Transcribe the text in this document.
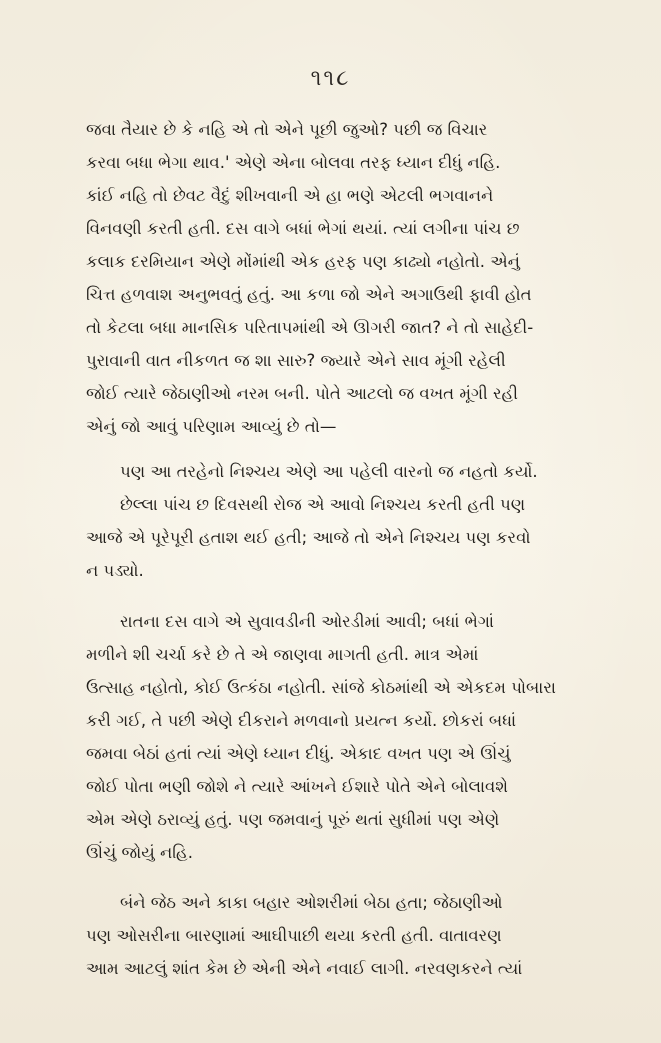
૧૧૮
જવા તૈયાર છે કે નહિ એ તો એને પૂછી જુઓ? પછી જ વિચાર
કરવા બધા ભેગા થાવ.' એણે એના બોલવા તરફ ધ્યાન દીધું નહિ.
કાંઈ નહિ તો છેવટ વૈદું શીખવાની એ હા ભણે એટલી ભગવાનને
વિનવણી કરતી હતી. દસ વાગે બધાં ભેગાં થયાં. ત્યાં લગીના પાંચ છ
કલાક દરમિયાન એણે મોંમાંથી એક હરફ પણ કાઢ્યો નહોતો. એનું
ચિત્ત હળવાશ અનુભવતું હતું. આ કળા જો એને અગાઉથી ફાવી હોત
તો કેટલા બધા માનસિક પરિતાપમાંથી એ ઊગરી જાત? ને તો સાહેદી-
પુરાવાની વાત નીકળત જ શા સારુ? જ્યારે એને સાવ મૂંગી રહેલી
જોઈ ત્યારે જેઠાણીઓ નરમ બની. પોતે આટલો જ વખત મૂંગી રહી
એનું જો આવું પરિણામ આવ્યું છે તો—
પણ આ તરહેનો નિશ્ચય એણે આ પહેલી વારનો જ નહતો કર્યો.
છેલ્લા પાંચ છ દિવસથી રોજ એ આવો નિશ્ચય કરતી હતી પણ
આજે એ પૂરેપૂરી હતાશ થઈ હતી; આજે તો એને નિશ્ચય પણ કરવો
ન પડ્યો.
રાતના દસ વાગે એ સુવાવડીની ઓરડીમાં આવી; બધાં ભેગાં
મળીને શી ચર્ચા કરે છે તે એ જાણવા માગતી હતી. માત્ર એમાં
ઉત્સાહ નહોતો, કોઈ ઉત્કંઠા નહોતી. સાંજે કોઠમાંથી એ એકદમ પોબારા
કરી ગઈ, તે પછી એણે દીકરાને મળવાનો પ્રયત્ન કર્યો. છોકરાં બધાં
જમવા બેઠાં હતાં ત્યાં એણે ધ્યાન દીધું. એકાદ વખત પણ એ ઊંચું
જોઈ પોતા ભણી જોશે ને ત્યારે આંખને ઈશારે પોતે એને બોલાવશે
એમ એણે ઠરાવ્યું હતું. પણ જમવાનું પૂરું થતાં સુધીમાં પણ એણે
ઊંચું જોયું નહિ.
બંને જેઠ અને કાકા બહાર ઓશરીમાં બેઠા હતા; જેઠાણીઓ
પણ ઓસરીના બારણામાં આઘીપાછી થયા કરતી હતી. વાતાવરણ
આમ આટલું શાંત કેમ છે એની એને નવાઈ લાગી. નરવણકરને ત્યાં
